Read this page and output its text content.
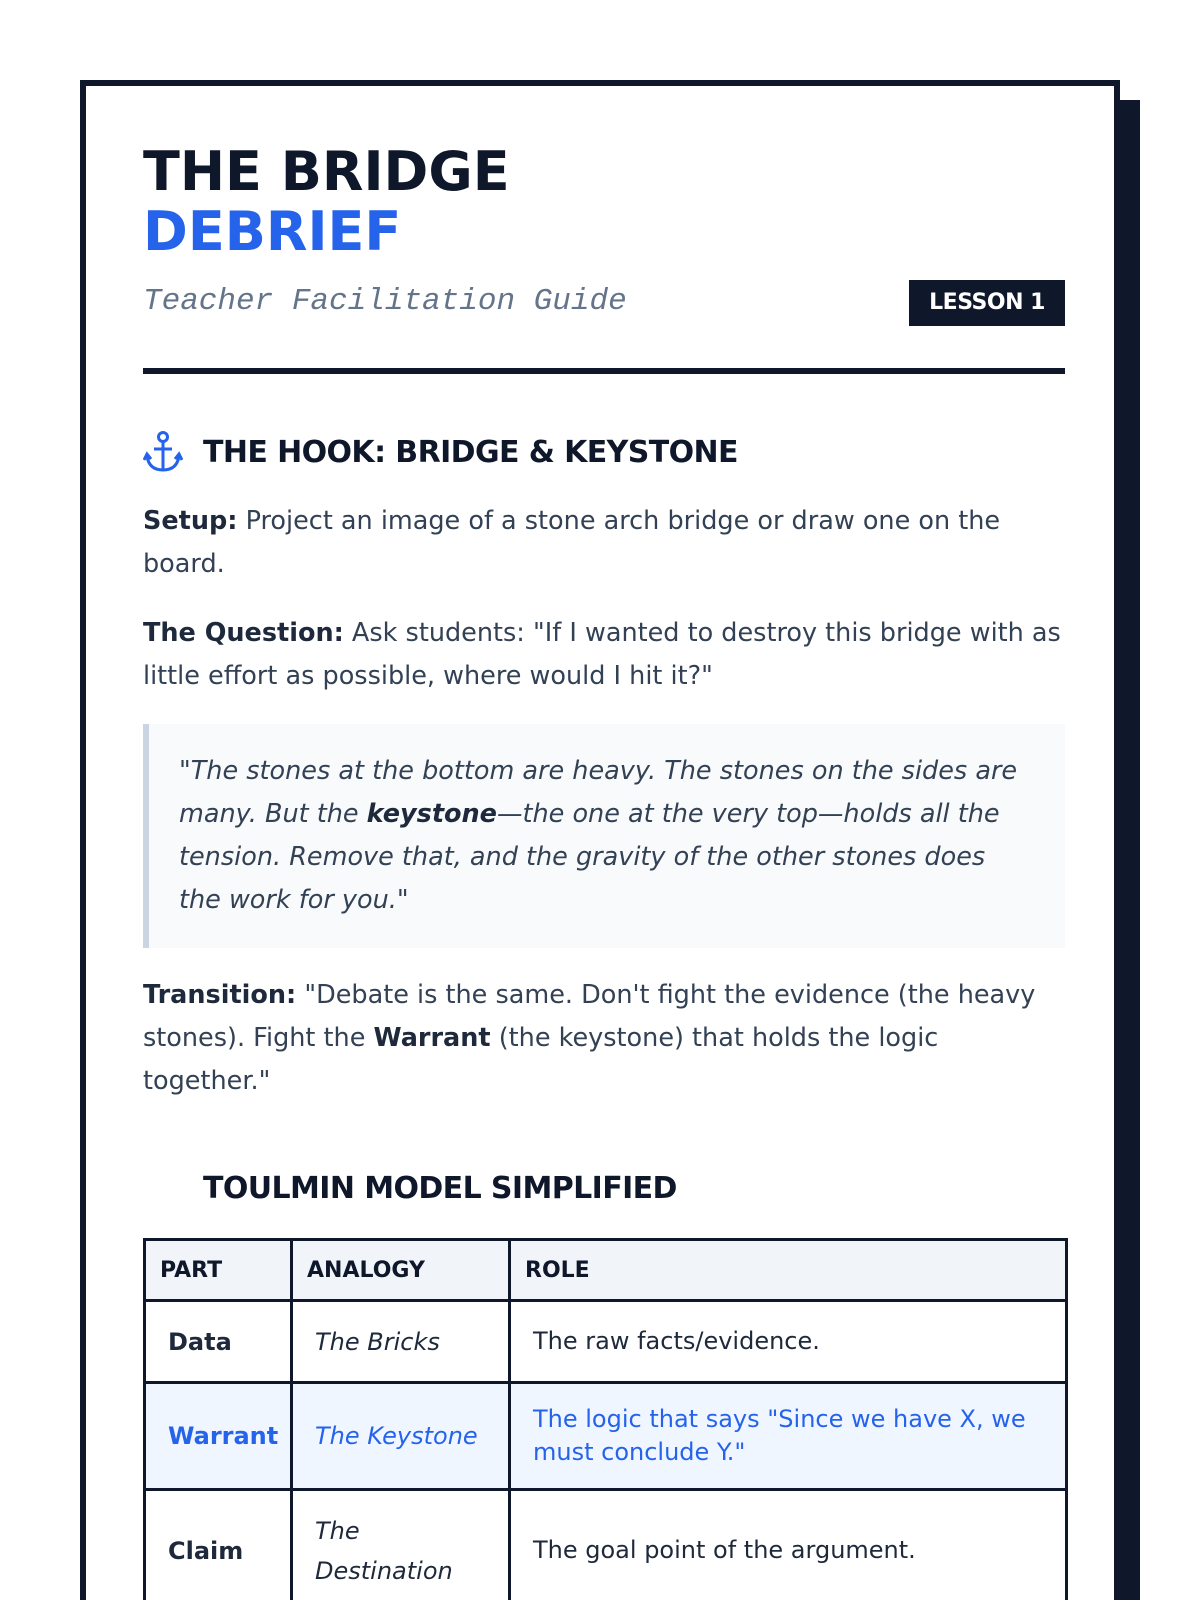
THE BRIDGE
DEBRIEF
Teacher Facilitation Guide	LESSON 1
THE HOOK: BRIDGE & KEYSTONE
Setup: Project an image of a stone arch bridge or draw one on the board.
The Question: Ask students: "If I wanted to destroy this bridge with as little effort as possible, where would I hit it?"
"The stones at the bottom are heavy. The stones on the sides are many. But the keystone—the one at the very top—holds all the tension. Remove that, and the gravity of the other stones does the work for you."
Transition: "Debate is the same. Don't fight the evidence (the heavy stones). Fight the Warrant (the keystone) that holds the logic together."
TOULMIN MODEL SIMPLIFIED
PART	ANALOGY	ROLE
Data	The Bricks	The raw facts/evidence.
Warrant	The Keystone	The logic that says "Since we have X, we must conclude Y."
Claim	The Destination	The goal point of the argument.
